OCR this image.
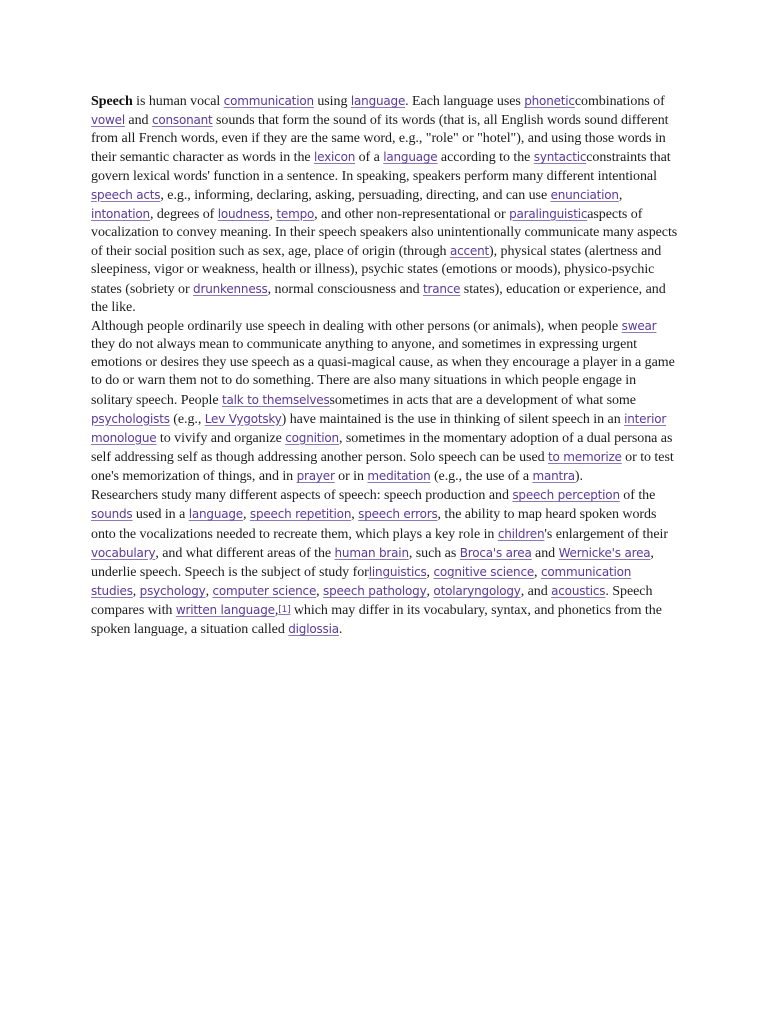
Speech is human vocal communication using language. Each language uses phoneticcombinations of vowel and consonant sounds that form the sound of its words (that is, all English words sound different from all French words, even if they are the same word, e.g., "role" or "hotel"), and using those words in their semantic character as words in the lexicon of a language according to the syntacticconstraints that govern lexical words' function in a sentence. In speaking, speakers perform many different intentional speech acts, e.g., informing, declaring, asking, persuading, directing, and can use enunciation, intonation, degrees of loudness, tempo, and other non-representational or paralinguisticaspects of vocalization to convey meaning. In their speech speakers also unintentionally communicate many aspects of their social position such as sex, age, place of origin (through accent), physical states (alertness and sleepiness, vigor or weakness, health or illness), psychic states (emotions or moods), physico-psychic states (sobriety or drunkenness, normal consciousness and trance states), education or experience, and the like.

Although people ordinarily use speech in dealing with other persons (or animals), when people swear they do not always mean to communicate anything to anyone, and sometimes in expressing urgent emotions or desires they use speech as a quasi-magical cause, as when they encourage a player in a game to do or warn them not to do something. There are also many situations in which people engage in solitary speech. People talk to themselvessometimes in acts that are a development of what some psychologists (e.g., Lev Vygotsky) have maintained is the use in thinking of silent speech in an interior monologue to vivify and organize cognition, sometimes in the momentary adoption of a dual persona as self addressing self as though addressing another person. Solo speech can be used to memorize or to test one's memorization of things, and in prayer or in meditation (e.g., the use of a mantra).

Researchers study many different aspects of speech: speech production and speech perception of the sounds used in a language, speech repetition, speech errors, the ability to map heard spoken words onto the vocalizations needed to recreate them, which plays a key role in children's enlargement of their vocabulary, and what different areas of the human brain, such as Broca's area and Wernicke's area, underlie speech. Speech is the subject of study forlinguistics, cognitive science, communication studies, psychology, computer science, speech pathology, otolaryngology, and acoustics. Speech compares with written language,[1] which may differ in its vocabulary, syntax, and phonetics from the spoken language, a situation called diglossia.
